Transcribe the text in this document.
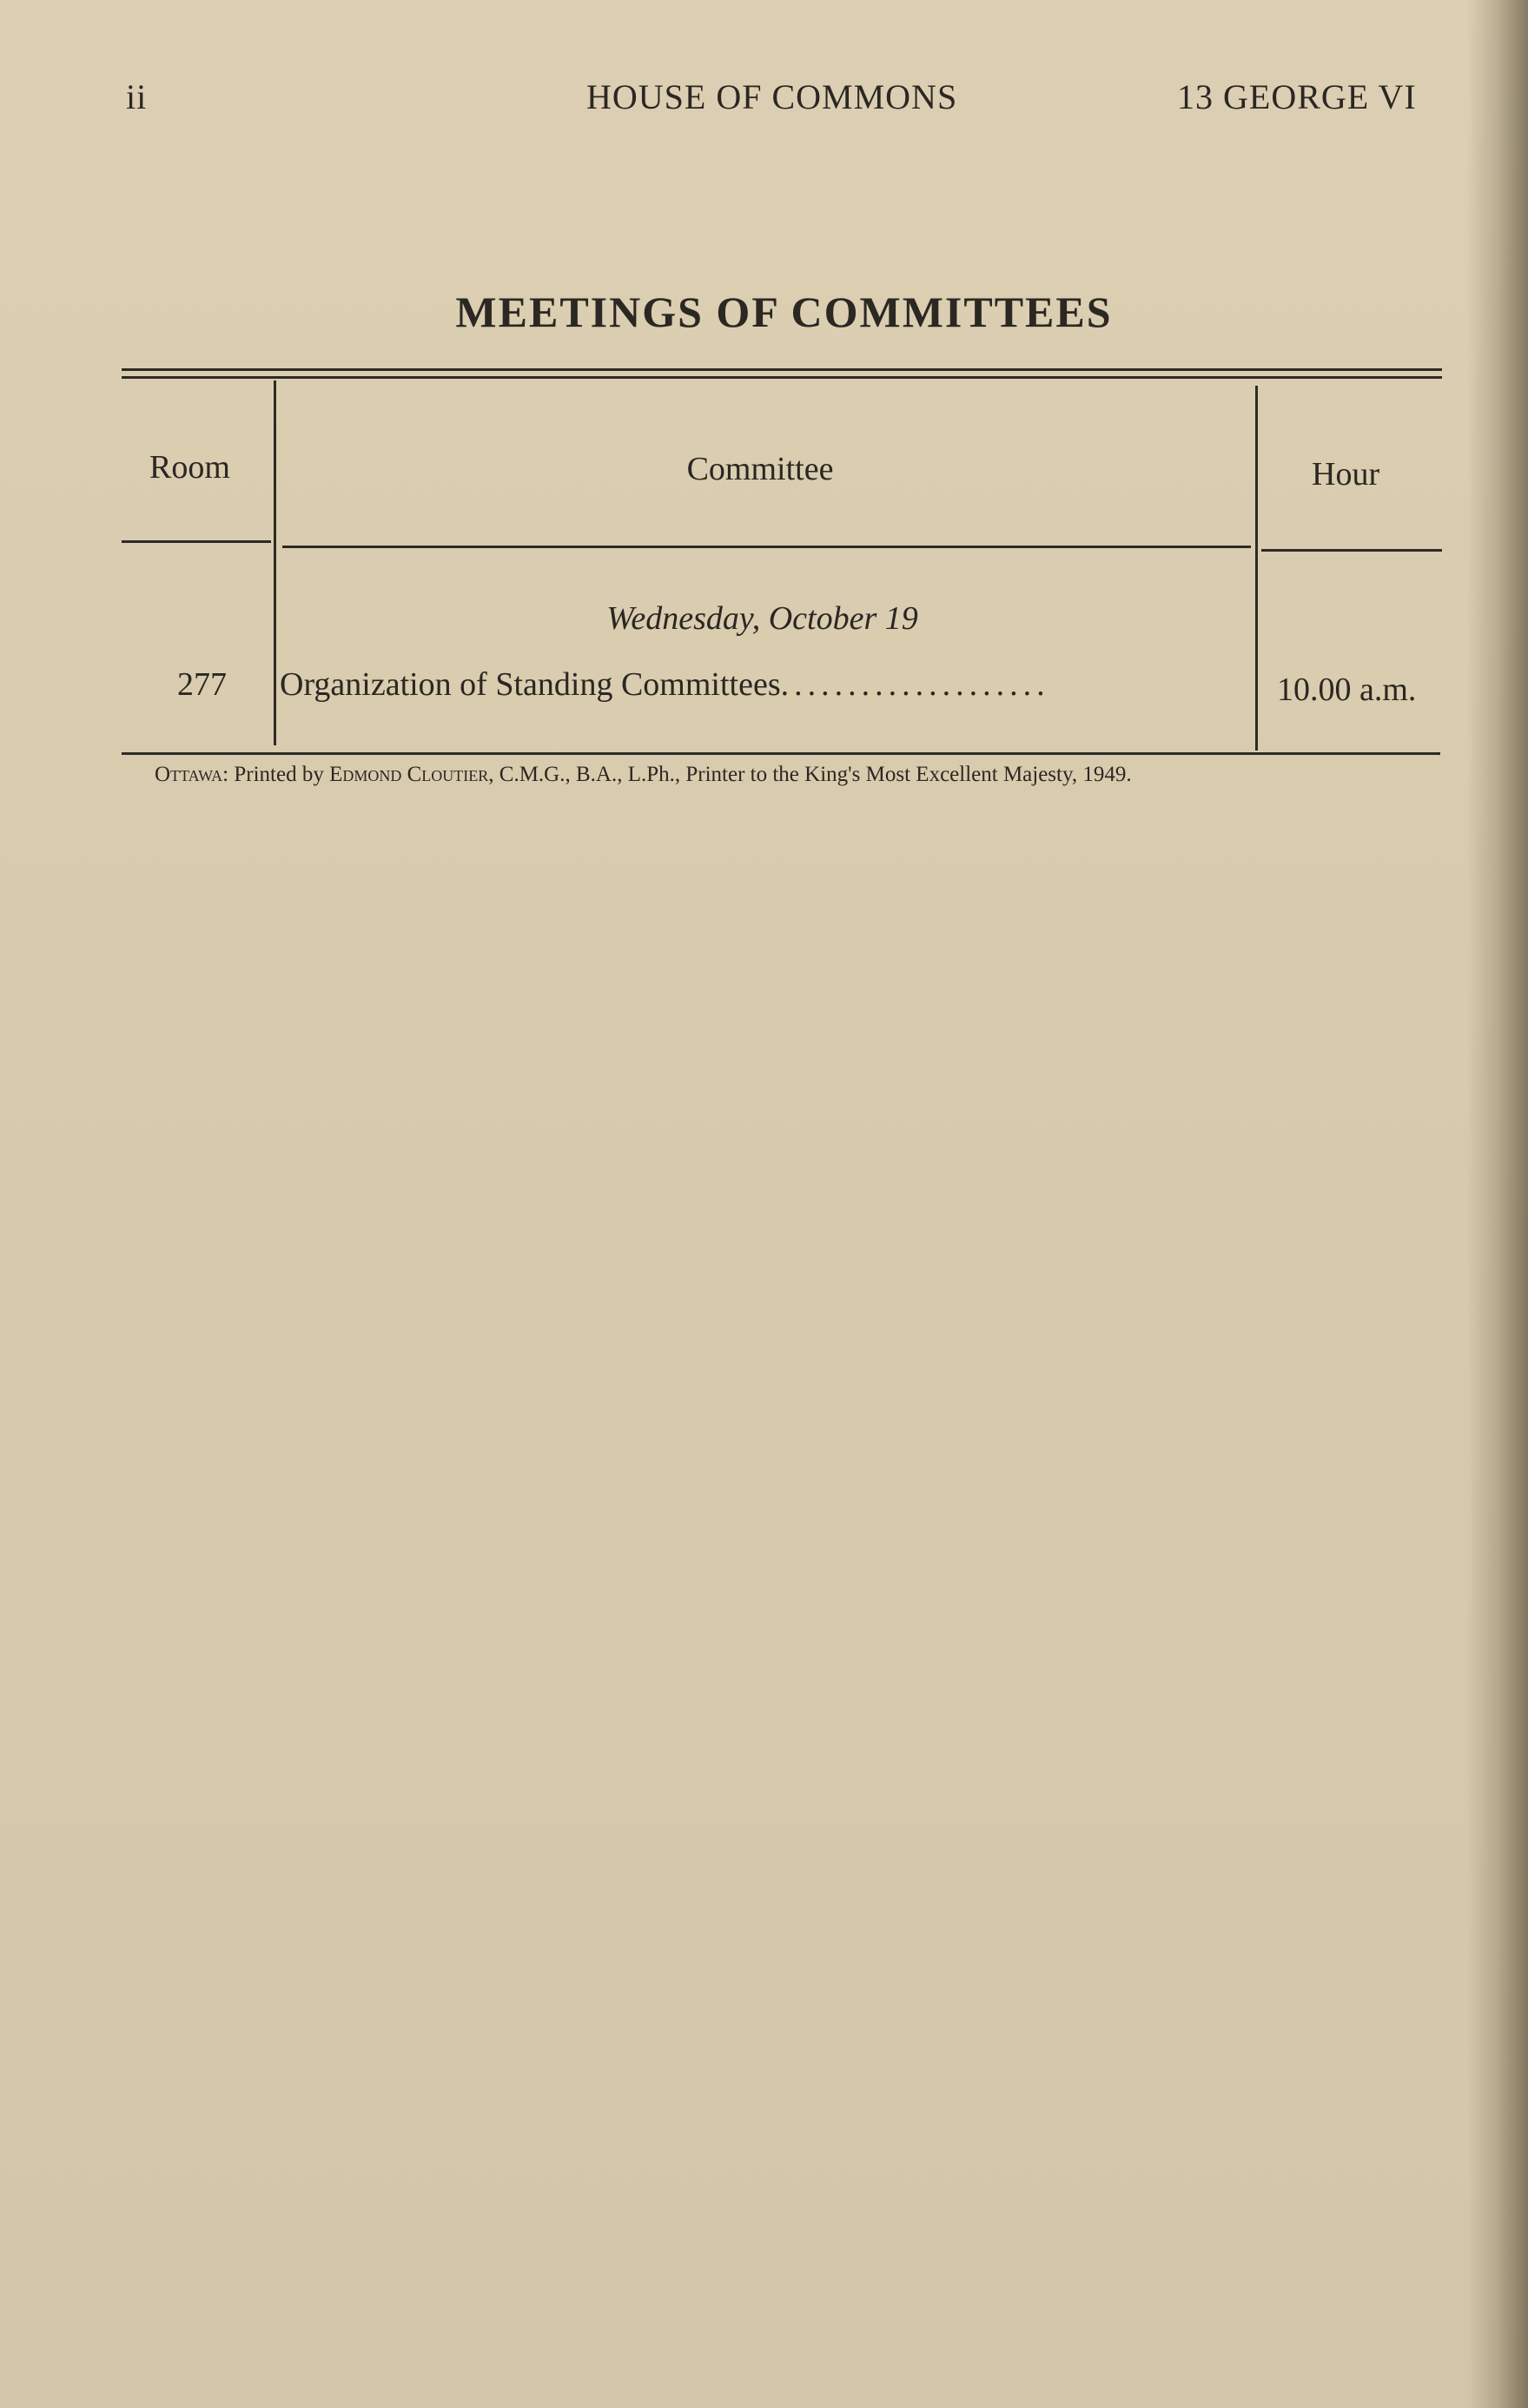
ii	HOUSE OF COMMONS	13 GEORGE VI
MEETINGS OF COMMITTEES
Room	Committee	Hour
Wednesday, October 19
277 Organization of Standing Committees....................	10.00 a.m.
Ottawa: Printed by Edmond Cloutier, C.M.G., B.A., L.Ph., Printer to the King's Most Excellent Majesty, 1949.
